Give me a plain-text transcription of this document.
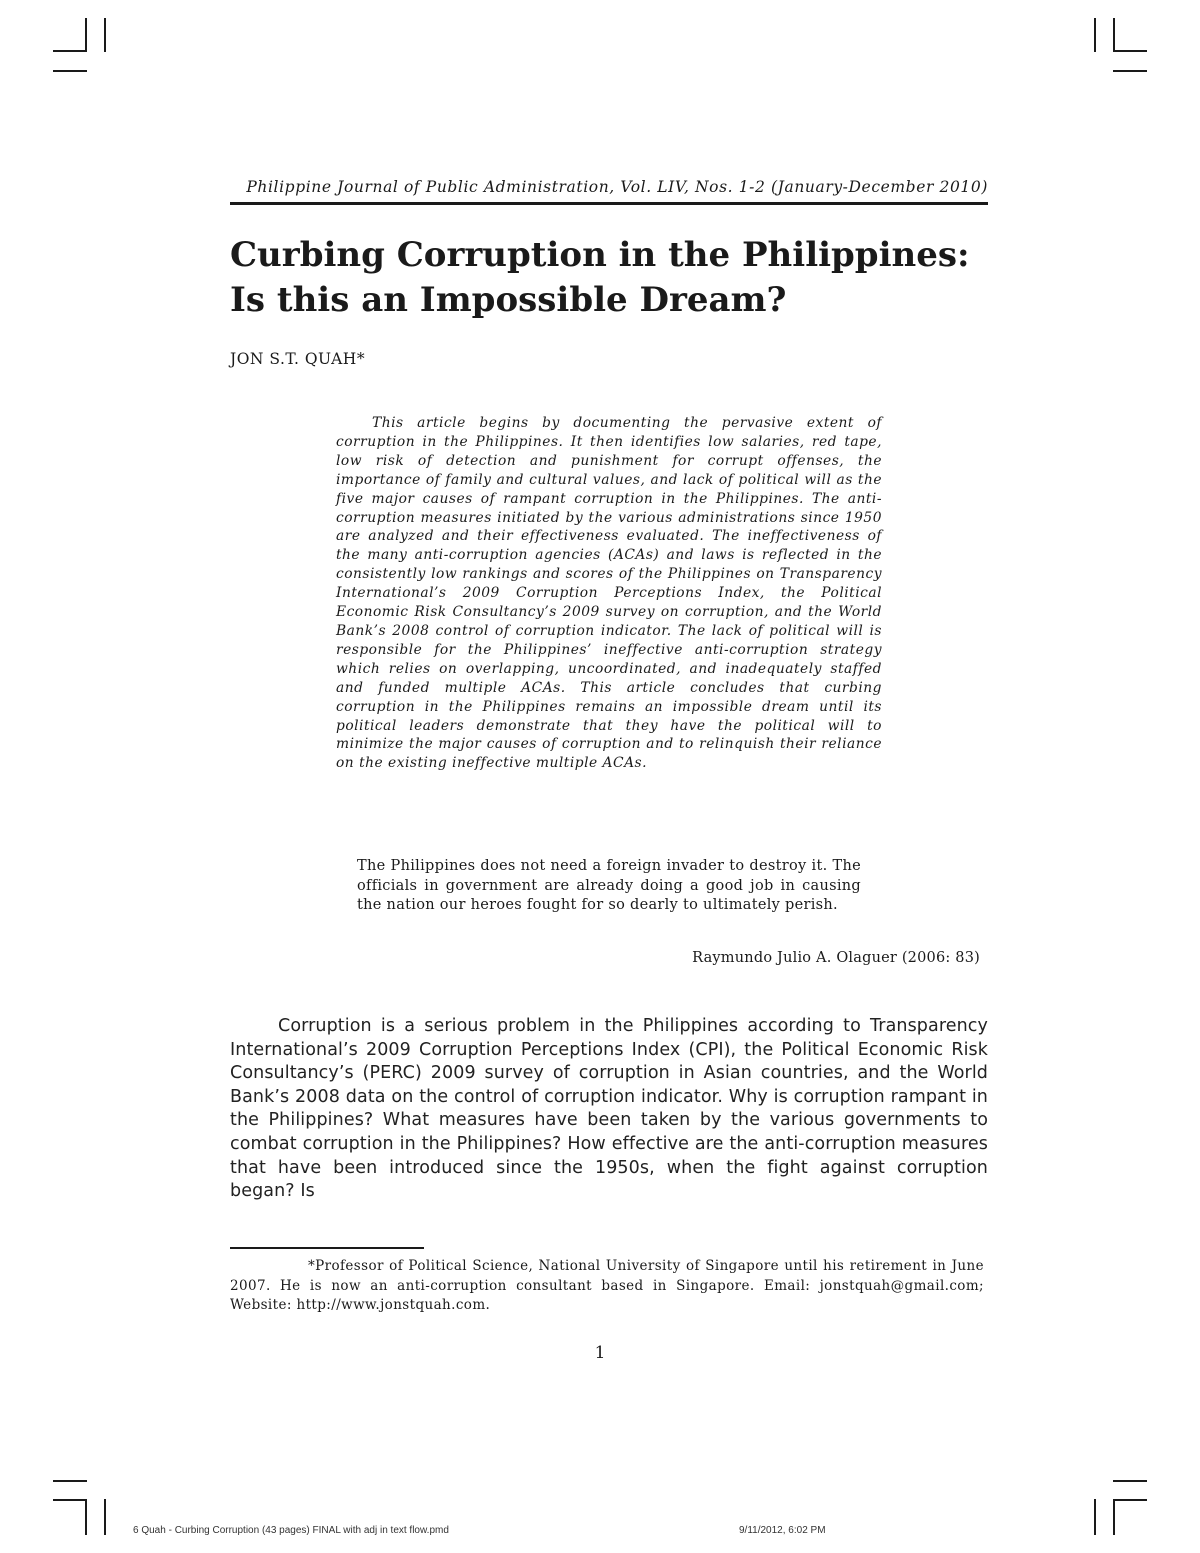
Philippine Journal of Public Administration, Vol. LIV, Nos. 1-2 (January-December 2010)
Curbing Corruption in the Philippines:
Is this an Impossible Dream?
JON S.T. QUAH*

This article begins by documenting the pervasive extent of corruption in the Philippines. It then identifies low salaries, red tape, low risk of detection and punishment for corrupt offenses, the importance of family and cultural values, and lack of political will as the five major causes of rampant corruption in the Philippines. The anti-corruption measures initiated by the various administrations since 1950 are analyzed and their effectiveness evaluated. The ineffectiveness of the many anti-corruption agencies (ACAs) and laws is reflected in the consistently low rankings and scores of the Philippines on Transparency International’s 2009 Corruption Perceptions Index, the Political Economic Risk Consultancy’s 2009 survey on corruption, and the World Bank’s 2008 control of corruption indicator. The lack of political will is responsible for the Philippines’ ineffective anti-corruption strategy which relies on overlapping, uncoordinated, and inadequately staffed and funded multiple ACAs. This article concludes that curbing corruption in the Philippines remains an impossible dream until its political leaders demonstrate that they have the political will to minimize the major causes of corruption and to relinquish their reliance on the existing ineffective multiple ACAs.

The Philippines does not need a foreign invader to destroy it. The officials in government are already doing a good job in causing the nation our heroes fought for so dearly to ultimately perish.

Raymundo Julio A. Olaguer (2006: 83)

Corruption is a serious problem in the Philippines according to Transparency International’s 2009 Corruption Perceptions Index (CPI), the Political Economic Risk Consultancy’s (PERC) 2009 survey of corruption in Asian countries, and the World Bank’s 2008 data on the control of corruption indicator. Why is corruption rampant in the Philippines? What measures have been taken by the various governments to combat corruption in the Philippines? How effective are the anti-corruption measures that have been introduced since the 1950s, when the fight against corruption began? Is

*Professor of Political Science, National University of Singapore until his retirement in June 2007. He is now an anti-corruption consultant based in Singapore. Email: jonstquah@gmail.com; Website: http://www.jonstquah.com.

1
6 Quah - Curbing Corruption (43 pages) FINAL with adj in text flow.pmd	9/11/2012, 6:02 PM
